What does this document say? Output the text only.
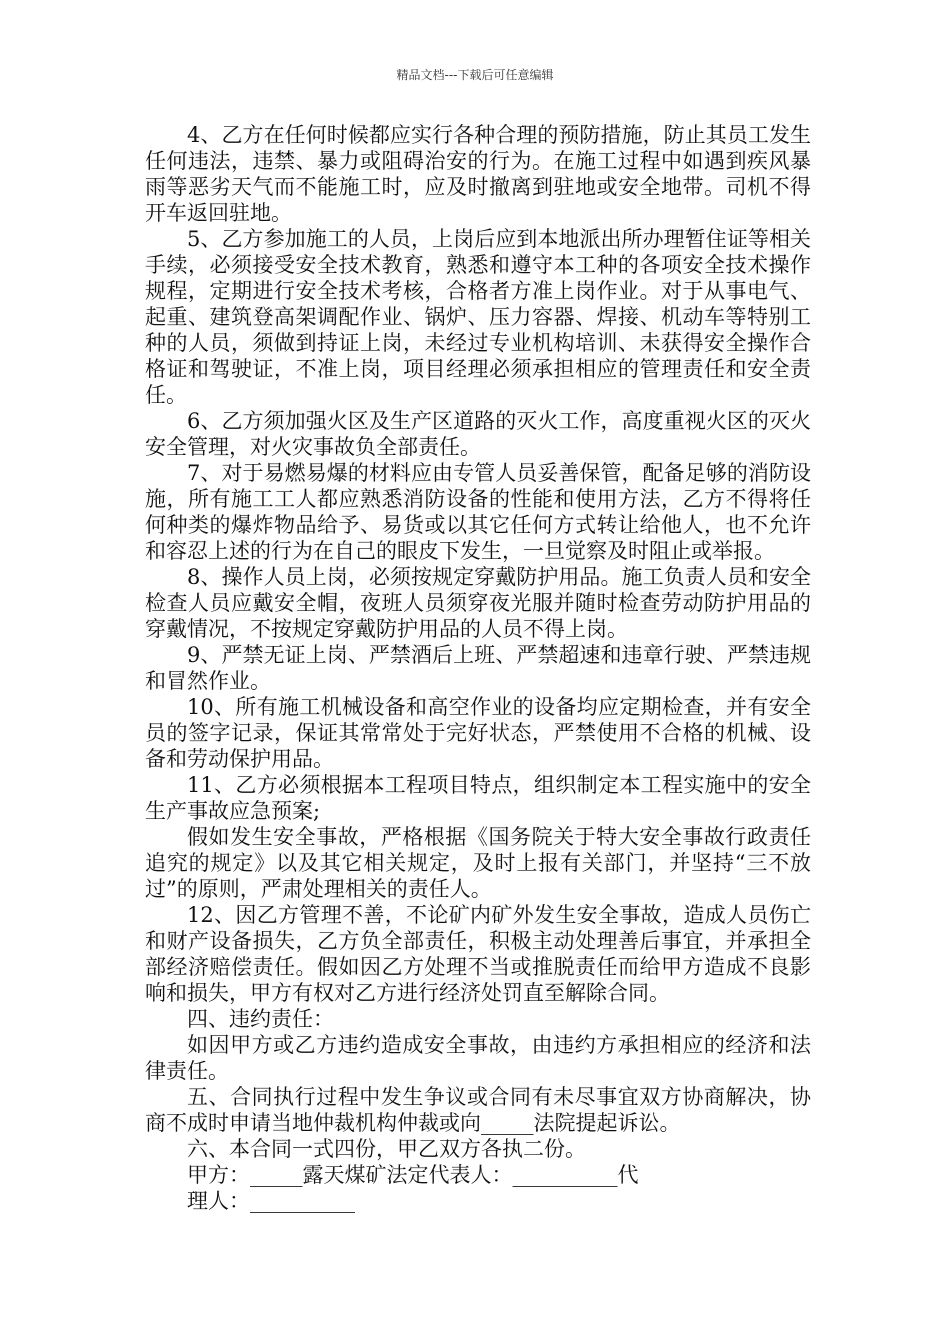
精品文档---下载后可任意编辑

4、乙方在任何时候都应实行各种合理的预防措施，防止其员工发生任何违法，违禁、暴力或阻碍治安的行为。在施工过程中如遇到疾风暴雨等恶劣天气而不能施工时，应及时撤离到驻地或安全地带。司机不得开车返回驻地。

5、乙方参加施工的人员，上岗后应到本地派出所办理暂住证等相关手续，必须接受安全技术教育，熟悉和遵守本工种的各项安全技术操作规程，定期进行安全技术考核，合格者方准上岗作业。对于从事电气、起重、建筑登高架调配作业、锅炉、压力容器、焊接、机动车等特别工种的人员，须做到持证上岗，未经过专业机构培训、未获得安全操作合格证和驾驶证，不准上岗，项目经理必须承担相应的管理责任和安全责任。

6、乙方须加强火区及生产区道路的灭火工作，高度重视火区的灭火安全管理，对火灾事故负全部责任。

7、对于易燃易爆的材料应由专管人员妥善保管，配备足够的消防设施，所有施工工人都应熟悉消防设备的性能和使用方法，乙方不得将任何种类的爆炸物品给予、易货或以其它任何方式转让给他人，也不允许和容忍上述的行为在自己的眼皮下发生，一旦觉察及时阻止或举报。

8、操作人员上岗，必须按规定穿戴防护用品。施工负责人员和安全检查人员应戴安全帽，夜班人员须穿夜光服并随时检查劳动防护用品的穿戴情况，不按规定穿戴防护用品的人员不得上岗。

9、严禁无证上岗、严禁酒后上班、严禁超速和违章行驶、严禁违规和冒然作业。

10、所有施工机械设备和高空作业的设备均应定期检查，并有安全员的签字记录，保证其常常处于完好状态，严禁使用不合格的机械、设备和劳动保护用品。

11、乙方必须根据本工程项目特点，组织制定本工程实施中的安全生产事故应急预案;

假如发生安全事故，严格根据《国务院关于特大安全事故行政责任追究的规定》以及其它相关规定，及时上报有关部门，并坚持“三不放过”的原则，严肃处理相关的责任人。

12、因乙方管理不善，不论矿内矿外发生安全事故，造成人员伤亡和财产设备损失，乙方负全部责任，积极主动处理善后事宜，并承担全部经济赔偿责任。假如因乙方处理不当或推脱责任而给甲方造成不良影响和损失，甲方有权对乙方进行经济处罚直至解除合同。

四、违约责任：

如因甲方或乙方违约造成安全事故，由违约方承担相应的经济和法律责任。

五、合同执行过程中发生争议或合同有未尽事宜双方协商解决，协商不成时申请当地仲裁机构仲裁或向_____法院提起诉讼。

六、本合同一式四份，甲乙双方各执二份。

甲方：_____露天煤矿法定代表人：__________代

理人：__________
